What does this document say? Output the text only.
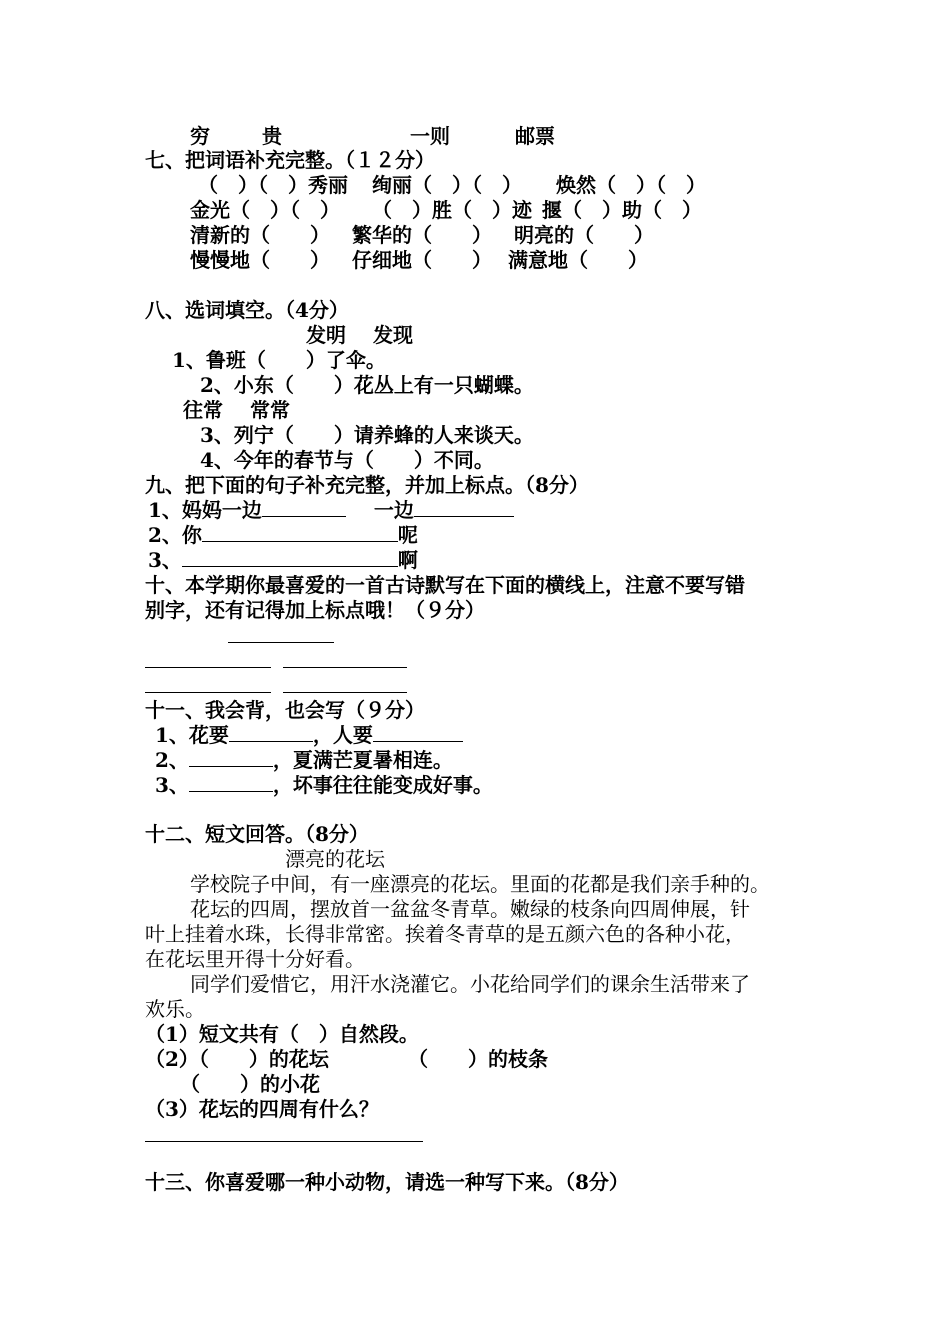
穷	贵	一则	邮票
七、把词语补充完整。（１２分）
（　）（　）秀丽 绚丽（　）（　） 焕然（　）（　）
金光（　）（　） （　）胜（　）迹 揠（　）助（　）
清新的（　　） 繁华的（　　） 明亮的（　　）
慢慢地（　　） 仔细地（　　） 满意地（　　）
八、选词填空。（4分）
发明　 发现
1、鲁班（　　）了伞。
2、小东（　　）花丛上有一只蝴蝶。
往常　 常常
3、列宁（　　）请养蜂的人来谈天。
4、今年的春节与（　　）不同。
九、把下面的句子补充完整，并加上标点。（8分）
1、妈妈一边	一边
2、你	呢
3、	啊
十、本学期你最喜爱的一首古诗默写在下面的横线上，注意不要写错
别字，还有记得加上标点哦！（９分）
十一、我会背，也会写（９分）
1、花要	，人要
2、	，夏满芒夏暑相连。
3、	，坏事往往能变成好事。
十二、短文回答。（8分）
漂亮的花坛
学校院子中间，有一座漂亮的花坛。里面的花都是我们亲手种的。
花坛的四周，摆放首一盆盆冬青草。嫩绿的枝条向四周伸展，针
叶上挂着水珠，长得非常密。挨着冬青草的是五颜六色的各种小花，
在花坛里开得十分好看。
同学们爱惜它，用汗水浇灌它。小花给同学们的课余生活带来了
欢乐。
（1）短文共有（　）自然段。
（2）（　　）的花坛	（　　）的枝条
（　　）的小花
（3）花坛的四周有什么？
十三、你喜爱哪一种小动物，请选一种写下来。（8分）
